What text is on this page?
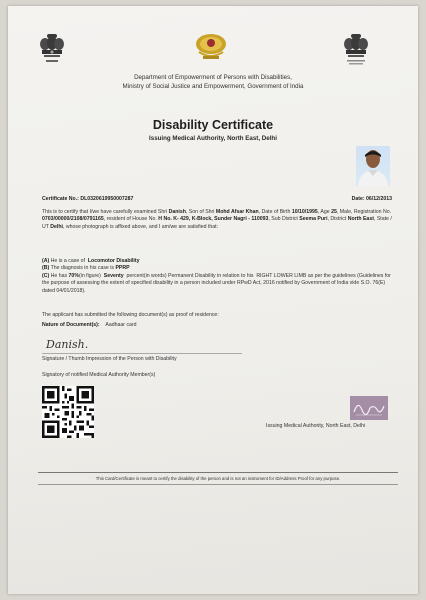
Department of Empowerment of Persons with Disabilities,
Ministry of Social Justice and Empowerment, Government of India
Disability Certificate
Issuing Medical Authority, North East, Delhi
Certificate No.: DL0320619950007287	Date: 06/12/2013
This is to certify that I/we have carefully examined Shri Danish, Son of Shri Mohd Afsar Khan, Date of Birth 10/10/1995, Age 25, Male, Registration No. 0703/00000/2108/0791165, resident of House No. H No. K- 429, K-Block, Sunder Nagri - 110093, Sub District Seema Puri, District North East, State / UT Delhi, whose photograph is affixed above, and I am/we are satisfied that:
(A) He is a case of Locomotor Disability
(B) The diagnosis in his case is PPRP
(C) He has 70%(in figure) Seventy percent(in words) Permanent Disability in relation to his RIGHT LOWER LIMB as per the guidelines (Guidelines for the purpose of assessing the extent of specified disability in a person included under RPwD Act, 2016 notified by Government of India vide S.O. 76(E) dated 04/01/2018).
The applicant has submitted the following document(s) as proof of residence:
Nature of Document(s): Aadhaar card
Danish.
Signature / Thumb Impression of the Person with Disability
Signatory of notified Medical Authority Member(s)
Issuing Medical Authority, North East, Delhi
This Card/Certificate is meant to certify the disability of the person and is not an instrument for ID/Address Proof for any purpose.
